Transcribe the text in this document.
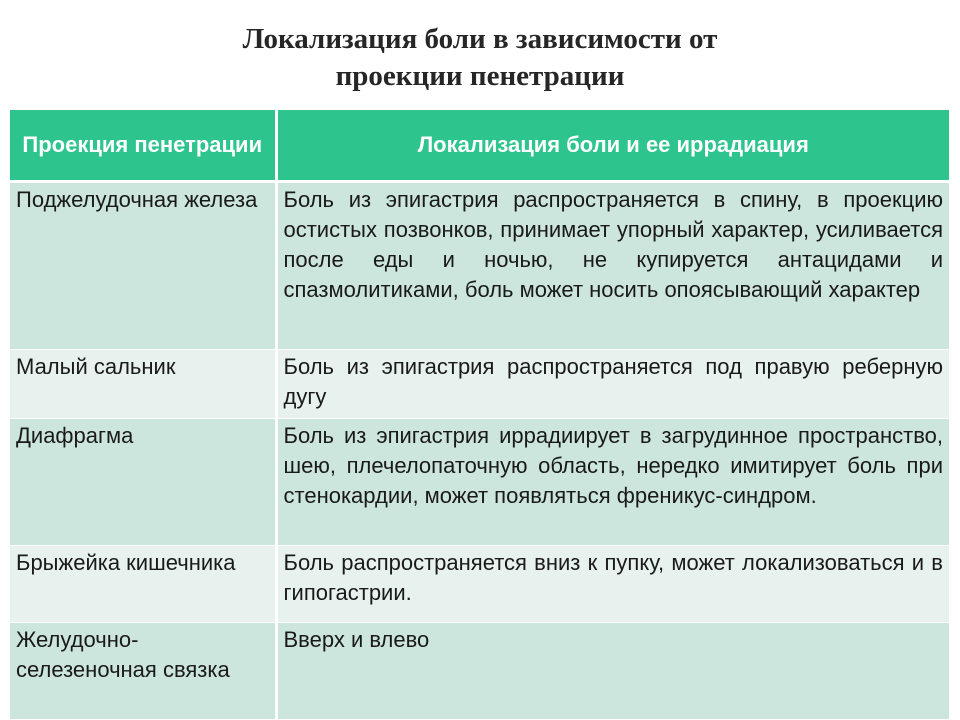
Локализация боли в зависимости от
проекции пенетрации
Проекция пенетрации	Локализация боли и ее иррадиация
Поджелудочная железа	Боль из эпигастрия распространяется в спину, в проекцию остистых позвонков, принимает упорный характер, усиливается после еды и ночью, не купируется антацидами и спазмолитиками, боль может носить опоясывающий характер
Малый сальник	Боль из эпигастрия распространяется под правую реберную дугу
Диафрагма	Боль из эпигастрия иррадиирует в загрудинное пространство, шею, плечелопаточную область, нередко имитирует боль при стенокардии, может появляться френикус-синдром.
Брыжейка кишечника	Боль распространяется вниз к пупку, может локализоваться и в гипогастрии.
Желудочно-селезеночная связка	Вверх и влево
